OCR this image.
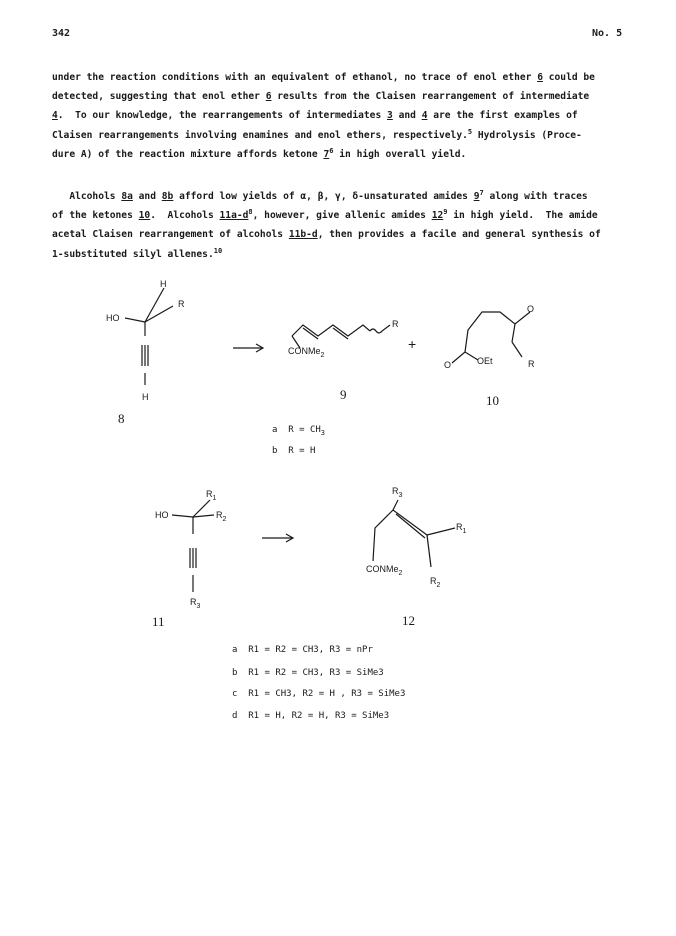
342	No. 5
under the reaction conditions with an equivalent of ethanol, no trace of enol ether 6 could be
detected, suggesting that enol ether 6 results from the Claisen rearrangement of intermediate
4.  To our knowledge, the rearrangements of intermediates 3 and 4 are the first examples of
Claisen rearrangements involving enamines and enol ethers, respectively.$^5$ Hydrolysis (Proce-
dure A) of the reaction mixture affords ketone $7^6$ in high overall yield.
Alcohols 8a and 8b afford low yields of α, β, γ, δ-unsaturated amides $9^7$ along with traces
of the ketones 10.  Alcohols $11a-d^8$, however, give allenic amides $12^9$ in high yield.  The amide
acetal Claisen rearrangement of alcohols 11b-d, then provides a facile and general synthesis of
1-substituted silyl allenes.$^{10}$
HO
H
R
H
8
CONMe$_2$
R
9
+
O
O	OEt	R
10
a $R = CH_3$
b R = H
HO
$R_1$
$R_2$
$R_3$
11
$R_3$
$R_1$
CONMe$_2$
$R_2$
12
a  R1 = R2 = CH3, R3 = nPr
b  R1 = R2 = CH3, R3 = SiMe3
c  R1 = CH3, R2 = H , R3 = SiMe3
d  R1 = H, R2 = H, R3 = SiMe3
